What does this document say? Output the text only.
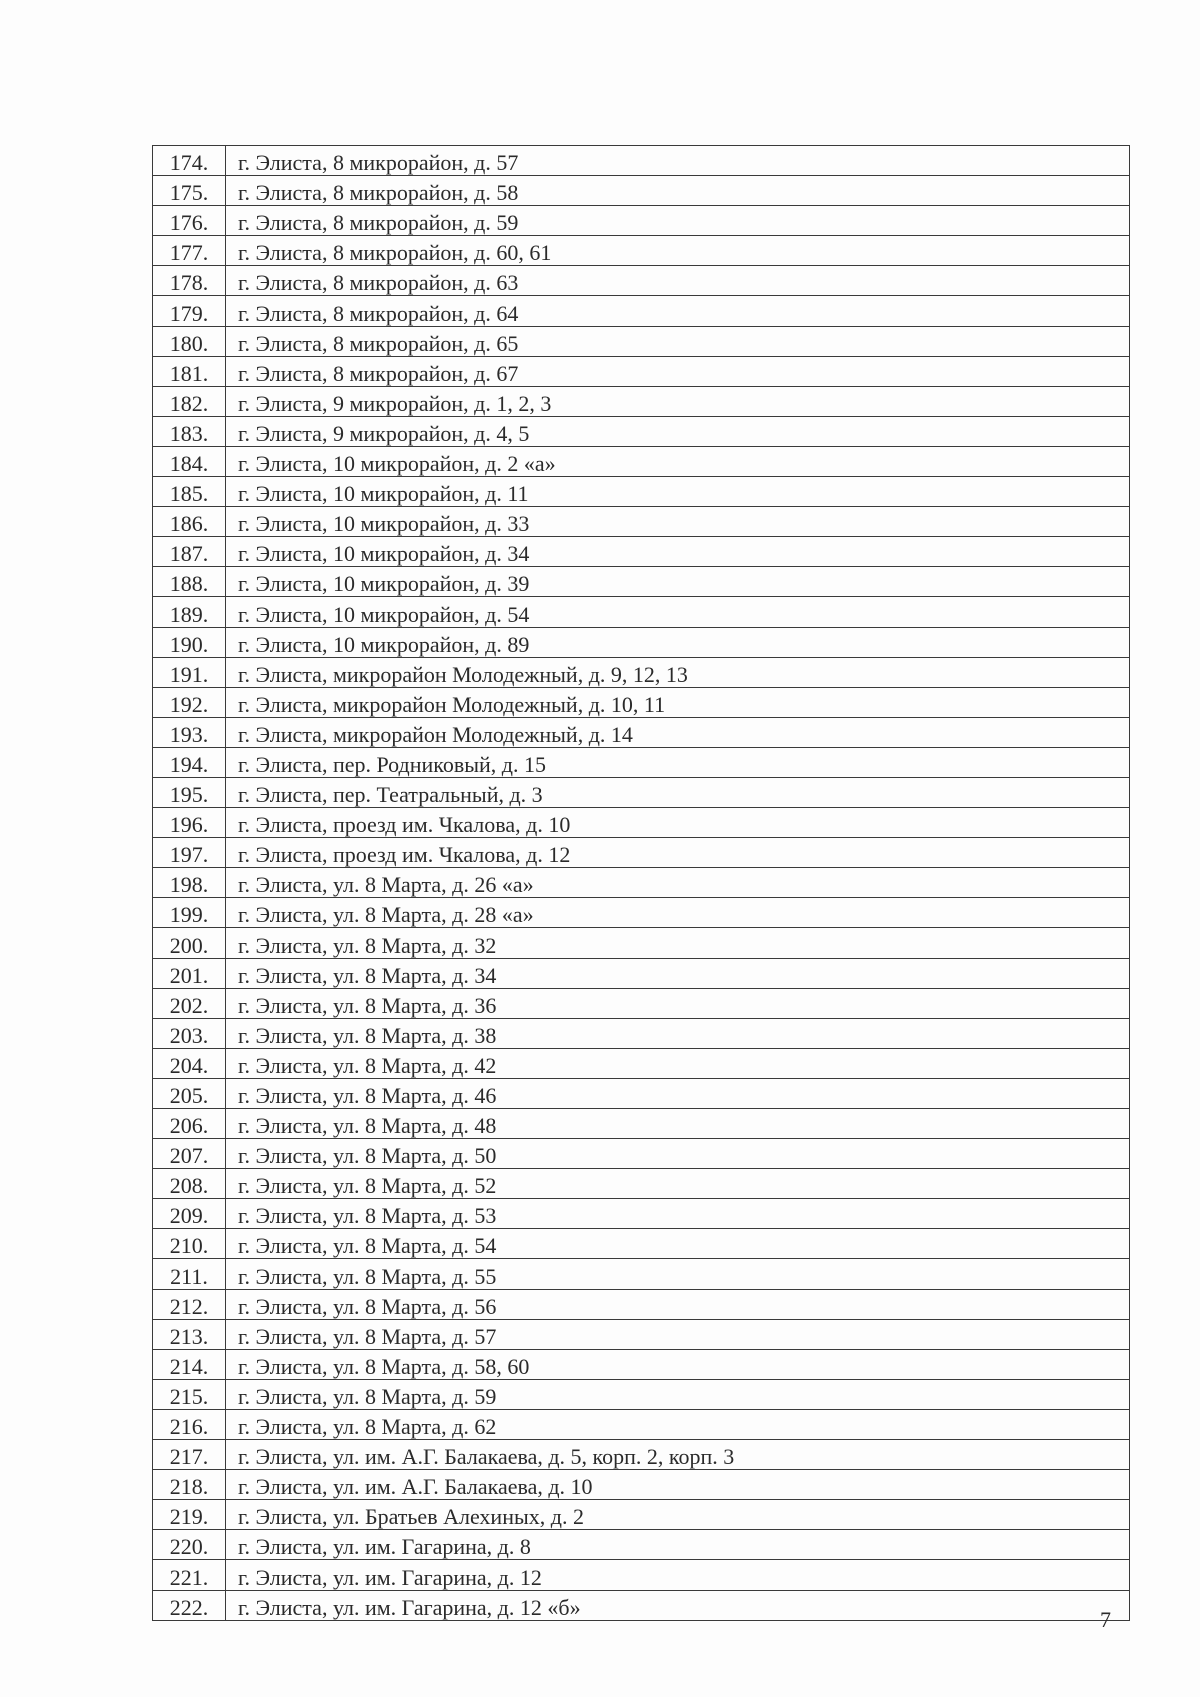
174.	г. Элиста, 8 микрорайон, д. 57
175.	г. Элиста, 8 микрорайон, д. 58
176.	г. Элиста, 8 микрорайон, д. 59
177.	г. Элиста, 8 микрорайон, д. 60, 61
178.	г. Элиста, 8 микрорайон, д. 63
179.	г. Элиста, 8 микрорайон, д. 64
180.	г. Элиста, 8 микрорайон, д. 65
181.	г. Элиста, 8 микрорайон, д. 67
182.	г. Элиста, 9 микрорайон, д. 1, 2, 3
183.	г. Элиста, 9 микрорайон, д. 4, 5
184.	г. Элиста, 10 микрорайон, д. 2 «а»
185.	г. Элиста, 10 микрорайон, д. 11
186.	г. Элиста, 10 микрорайон, д. 33
187.	г. Элиста, 10 микрорайон, д. 34
188.	г. Элиста, 10 микрорайон, д. 39
189.	г. Элиста, 10 микрорайон, д. 54
190.	г. Элиста, 10 микрорайон, д. 89
191.	г. Элиста, микрорайон Молодежный, д. 9, 12, 13
192.	г. Элиста, микрорайон Молодежный, д. 10, 11
193.	г. Элиста, микрорайон Молодежный, д. 14
194.	г. Элиста, пер. Родниковый, д. 15
195.	г. Элиста, пер. Театральный, д. 3
196.	г. Элиста, проезд им. Чкалова, д. 10
197.	г. Элиста, проезд им. Чкалова, д. 12
198.	г. Элиста, ул. 8 Марта, д. 26 «а»
199.	г. Элиста, ул. 8 Марта, д. 28 «а»
200.	г. Элиста, ул. 8 Марта, д. 32
201.	г. Элиста, ул. 8 Марта, д. 34
202.	г. Элиста, ул. 8 Марта, д. 36
203.	г. Элиста, ул. 8 Марта, д. 38
204.	г. Элиста, ул. 8 Марта, д. 42
205.	г. Элиста, ул. 8 Марта, д. 46
206.	г. Элиста, ул. 8 Марта, д. 48
207.	г. Элиста, ул. 8 Марта, д. 50
208.	г. Элиста, ул. 8 Марта, д. 52
209.	г. Элиста, ул. 8 Марта, д. 53
210.	г. Элиста, ул. 8 Марта, д. 54
211.	г. Элиста, ул. 8 Марта, д. 55
212.	г. Элиста, ул. 8 Марта, д. 56
213.	г. Элиста, ул. 8 Марта, д. 57
214.	г. Элиста, ул. 8 Марта, д. 58, 60
215.	г. Элиста, ул. 8 Марта, д. 59
216.	г. Элиста, ул. 8 Марта, д. 62
217.	г. Элиста, ул. им. А.Г. Балакаева, д. 5, корп. 2, корп. 3
218.	г. Элиста, ул. им. А.Г. Балакаева, д. 10
219.	г. Элиста, ул. Братьев Алехиных, д. 2
220.	г. Элиста, ул. им. Гагарина, д. 8
221.	г. Элиста, ул. им. Гагарина, д. 12
222.	г. Элиста, ул. им. Гагарина, д. 12 «б»	7
